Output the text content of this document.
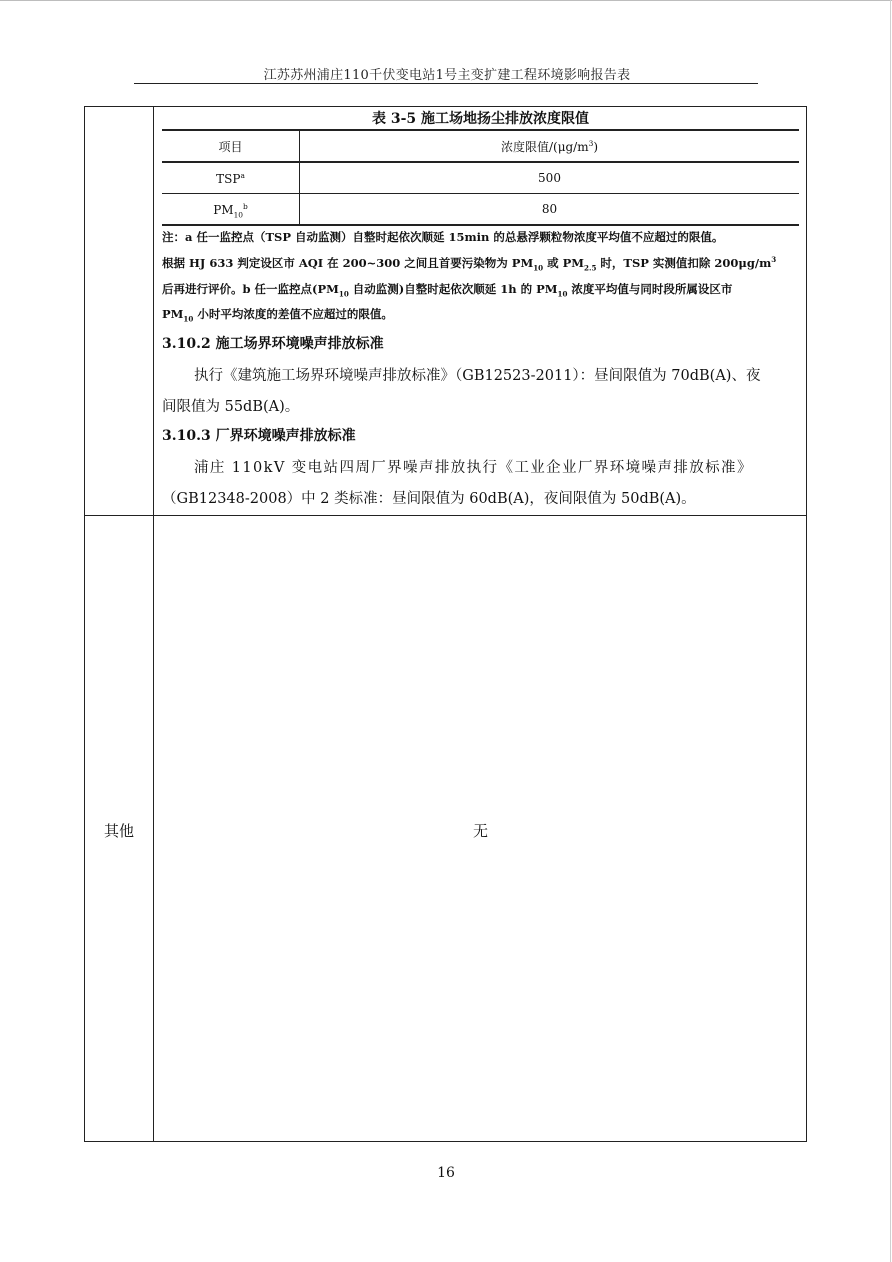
江苏苏州浦庄110千伏变电站1号主变扩建工程环境影响报告表
表 3-5 施工场地扬尘排放浓度限值
项目	浓度限值$/(\mu g/m^3)$
TSP$^a$	500
$PM_{10}^b$	80
注：a 任一监控点（TSP 自动监测）自整时起依次顺延 15min 的总悬浮颗粒物浓度平均值不应超过的限值。
根据 HJ 633 判定设区市 AQI 在 200~300 之间且首要污染物为 $PM_{10}$ 或 $PM_{2.5}$ 时，TSP 实测值扣除 $200\mu g/m^3$
后再进行评价。b 任一监控点($PM_{10}$ 自动监测)自整时起依次顺延 1h 的 $PM_{10}$ 浓度平均值与同时段所属设区市
$PM_{10}$ 小时平均浓度的差值不应超过的限值。
3.10.2 施工场界环境噪声排放标准
执行《建筑施工场界环境噪声排放标准》（GB12523-2011）：昼间限值为 70dB(A)、夜
间限值为 55dB(A)。
3.10.3 厂界环境噪声排放标准
浦庄 110kV 变电站四周厂界噪声排放执行《工业企业厂界环境噪声排放标准》
（GB12348-2008）中 2 类标准：昼间限值为 60dB(A)，夜间限值为 50dB(A)。
其他	无
16
